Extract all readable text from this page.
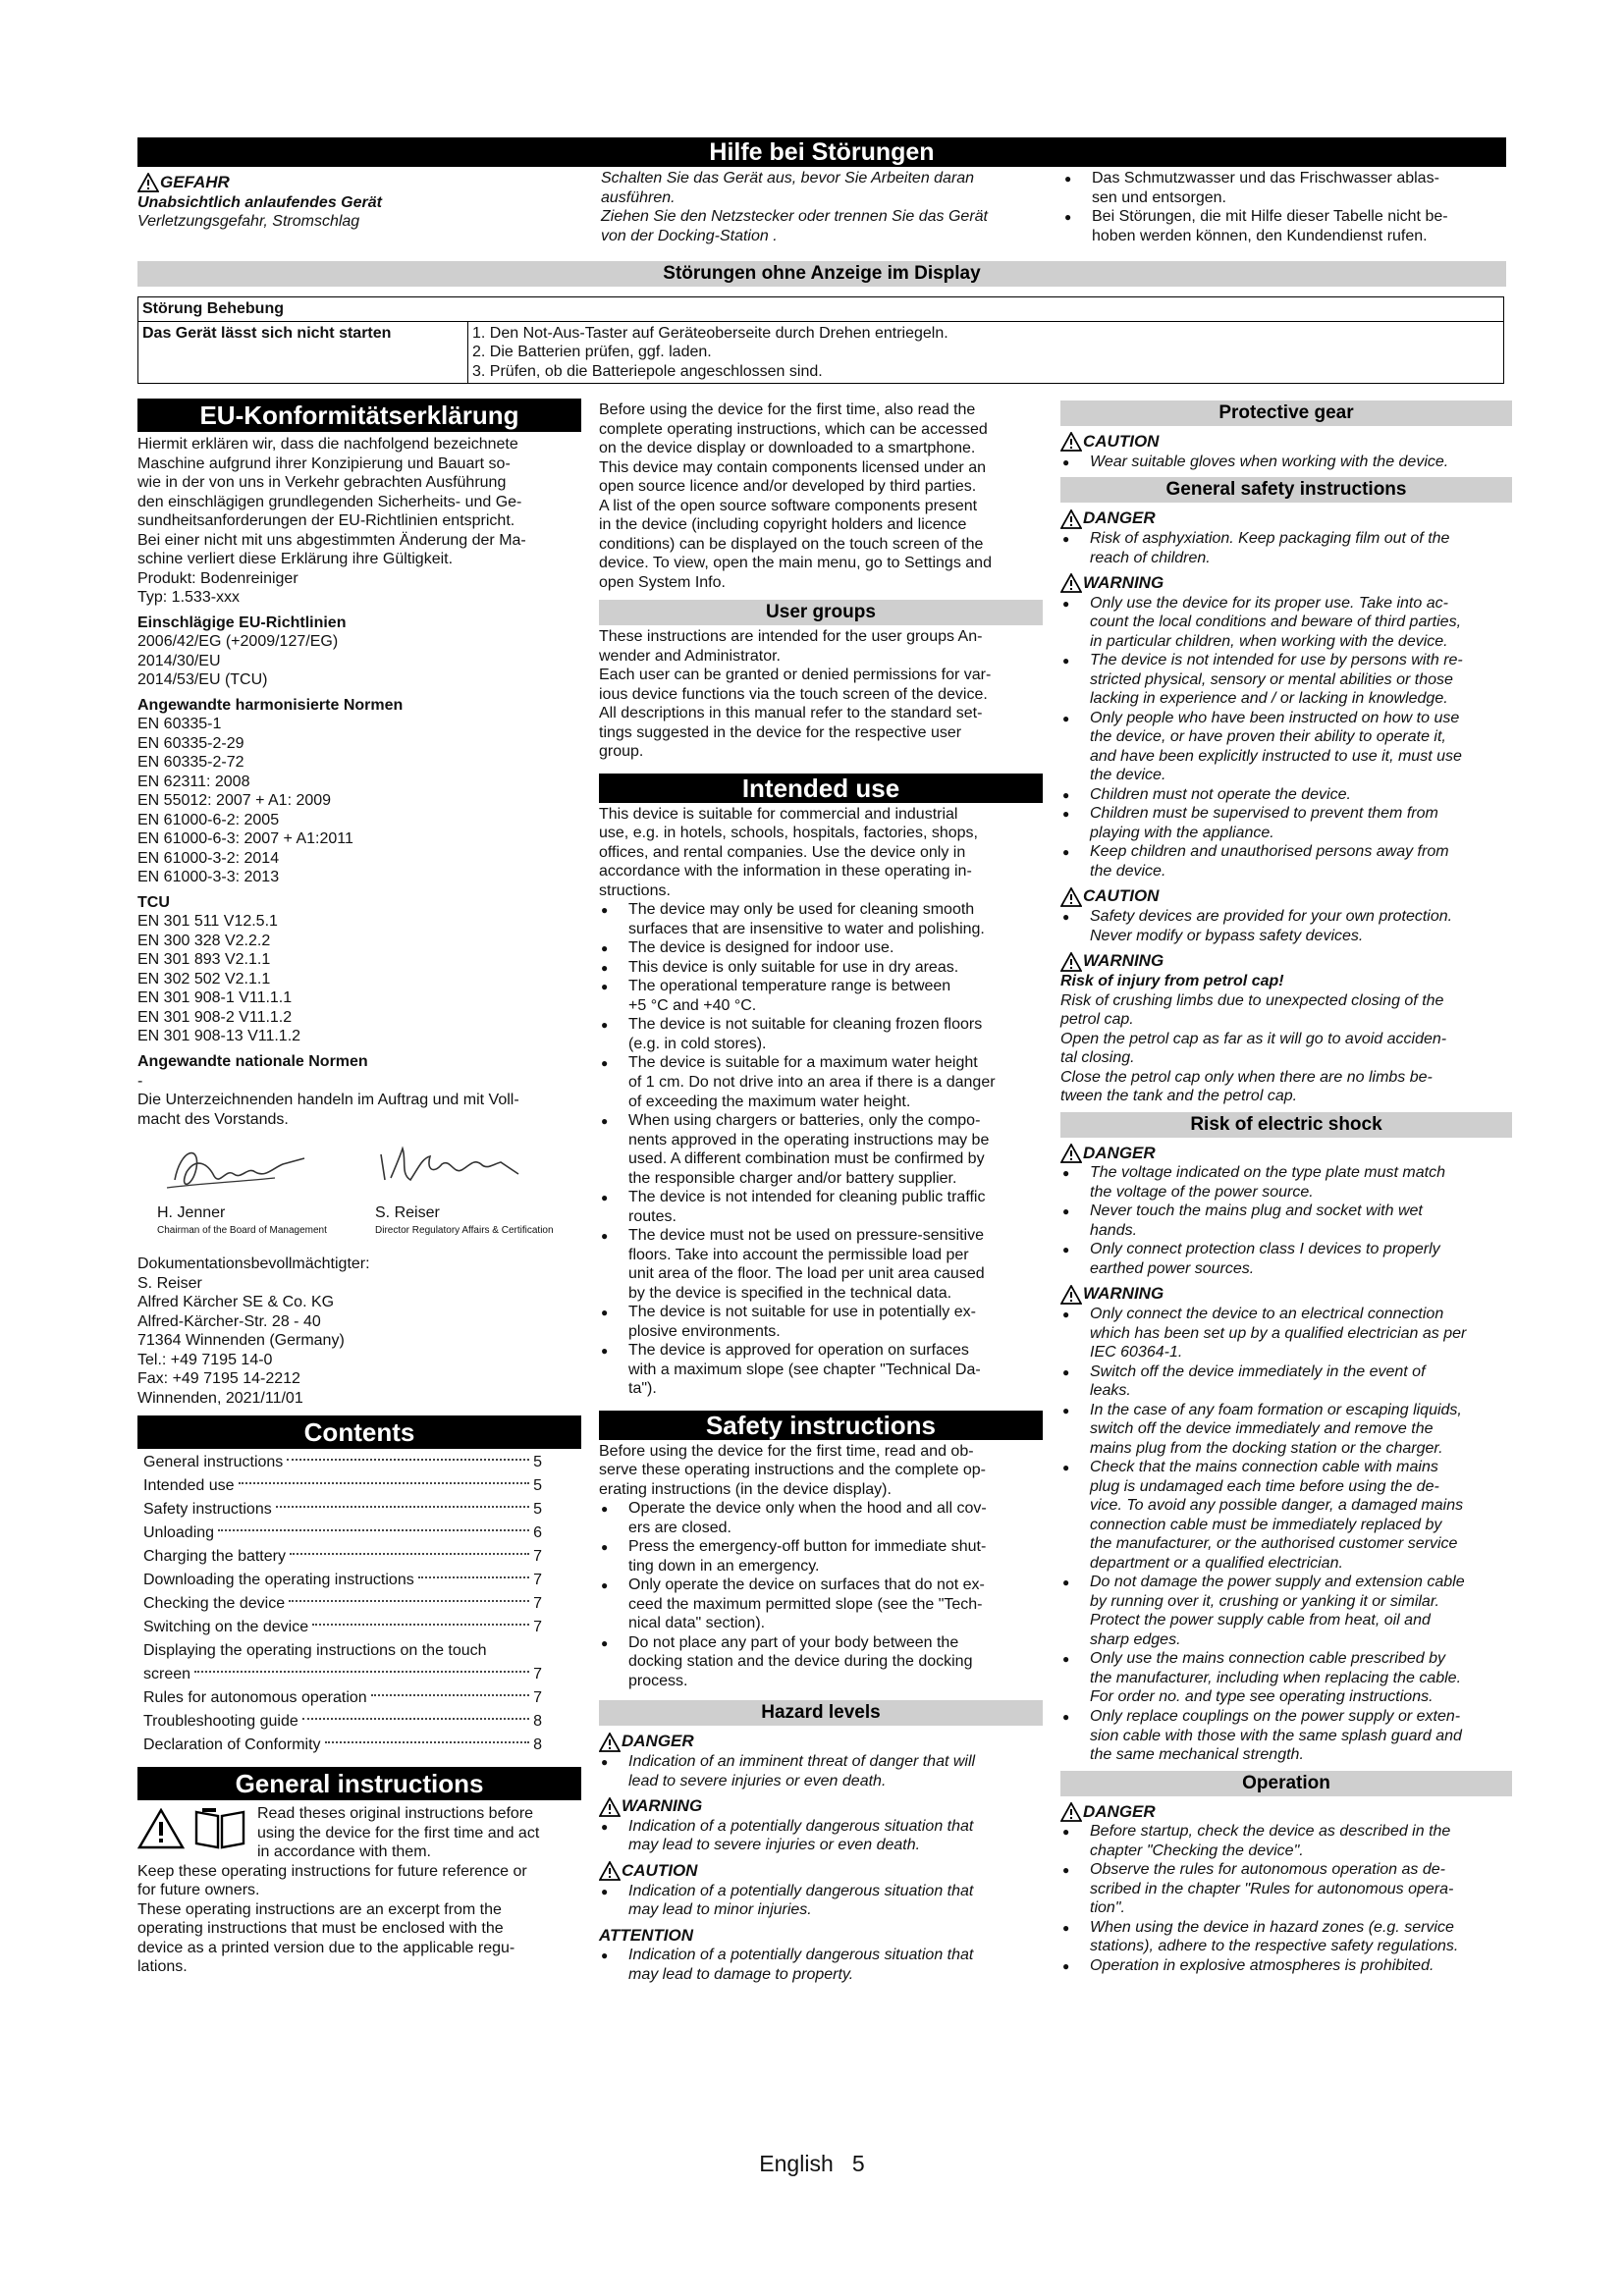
Hilfe bei Störungen
GEFAHR

Unabsichtlich anlaufendes Gerät

Verletzungsgefahr, Stromschlag

Schalten Sie das Gerät aus, bevor Sie Arbeiten daran

ausführen.

Ziehen Sie den Netzstecker oder trennen Sie das Gerät

von der Docking-Station .

● Das Schmutzwasser und das Frischwasser ablas-

sen und entsorgen.

● Bei Störungen, die mit Hilfe dieser Tabelle nicht be-

hoben werden können, den Kundendienst rufen.

Störungen ohne Anzeige im Display
Störung Behebung
Das Gerät lässt sich nicht starten	1. Den Not-Aus-Taster auf Geräteoberseite durch Drehen entriegeln.

2. Die Batterien prüfen, ggf. laden.

3. Prüfen, ob die Batteriepole angeschlossen sind.

EU-Konformitätserklärung

Hiermit erklären wir, dass die nachfolgend bezeichnete

Maschine aufgrund ihrer Konzipierung und Bauart so-

wie in der von uns in Verkehr gebrachten Ausführung

den einschlägigen grundlegenden Sicherheits- und Ge-

sundheitsanforderungen der EU-Richtlinien entspricht.

Bei einer nicht mit uns abgestimmten Änderung der Ma-

schine verliert diese Erklärung ihre Gültigkeit.

Produkt: Bodenreiniger

Typ: 1.533-xxx

Einschlägige EU-Richtlinien

2006/42/EG (+2009/127/EG)

2014/30/EU

2014/53/EU (TCU)

Angewandte harmonisierte Normen

EN 60335-1

EN 60335-2-29

EN 60335-2-72

EN 62311: 2008

EN 55012: 2007 + A1: 2009

EN 61000-6-2: 2005

EN 61000-6-3: 2007 + A1:2011

EN 61000-3-2: 2014

EN 61000-3-3: 2013

TCU

EN 301 511 V12.5.1

EN 300 328 V2.2.2

EN 301 893 V2.1.1

EN 302 502 V2.1.1

EN 301 908-1 V11.1.1

EN 301 908-2 V11.1.2

EN 301 908-13 V11.1.2

Angewandte nationale Normen

-

Die Unterzeichnenden handeln im Auftrag und mit Voll-

macht des Vorstands.

H. Jenner

Chairman of the Board of Management

S. Reiser

Director Regulatory Affairs & Certification

Dokumentationsbevollmächtigter:

S. Reiser

Alfred Kärcher SE & Co. KG

Alfred-Kärcher-Str. 28 - 40

71364 Winnenden (Germany)

Tel.: +49 7195 14-0

Fax: +49 7195 14-2212

Winnenden, 2021/11/01

Contents
General instructions	5
Intended use	5
Safety instructions	5
Unloading	6
Charging the battery	7
Downloading the operating instructions	7
Checking the device	7
Switching on the device	7
Displaying the operating instructions on the touch
screen	7
Rules for autonomous operation	7
Troubleshooting guide	8
Declaration of Conformity	8
General instructions

Read theses original instructions before

using the device for the first time and act

in accordance with them.

Keep these operating instructions for future reference or

for future owners.

These operating instructions are an excerpt from the

operating instructions that must be enclosed with the

device as a printed version due to the applicable regu-

lations.

Before using the device for the first time, also read the

complete operating instructions, which can be accessed

on the device display or downloaded to a smartphone.

This device may contain components licensed under an

open source licence and/or developed by third parties.

A list of the open source software components present

in the device (including copyright holders and licence

conditions) can be displayed on the touch screen of the

device. To view, open the main menu, go to Settings and

open System Info.

User groups

These instructions are intended for the user groups An-

wender and Administrator.

Each user can be granted or denied permissions for var-

ious device functions via the touch screen of the device.

All descriptions in this manual refer to the standard set-

tings suggested in the device for the respective user

group.

Intended use

This device is suitable for commercial and industrial

use, e.g. in hotels, schools, hospitals, factories, shops,

offices, and rental companies. Use the device only in

accordance with the information in these operating in-

structions.

● The device may only be used for cleaning smooth

surfaces that are insensitive to water and polishing.

● The device is designed for indoor use.

● This device is only suitable for use in dry areas.

● The operational temperature range is between

+5 °C and +40 °C.

● The device is not suitable for cleaning frozen floors

(e.g. in cold stores).

● The device is suitable for a maximum water height

of 1 cm. Do not drive into an area if there is a danger

of exceeding the maximum water height.

● When using chargers or batteries, only the compo-

nents approved in the operating instructions may be

used. A different combination must be confirmed by

the responsible charger and/or battery supplier.

● The device is not intended for cleaning public traffic

routes.

● The device must not be used on pressure-sensitive

floors. Take into account the permissible load per

unit area of the floor. The load per unit area caused

by the device is specified in the technical data.

● The device is not suitable for use in potentially ex-

plosive environments.

● The device is approved for operation on surfaces

with a maximum slope (see chapter "Technical Da-

ta").

Safety instructions

Before using the device for the first time, read and ob-

serve these operating instructions and the complete op-

erating instructions (in the device display).

● Operate the device only when the hood and all cov-

ers are closed.

● Press the emergency-off button for immediate shut-

ting down in an emergency.

● Only operate the device on surfaces that do not ex-

ceed the maximum permitted slope (see the "Tech-

nical data" section).

● Do not place any part of your body between the

docking station and the device during the docking

process.

Hazard levels
DANGER

● Indication of an imminent threat of danger that will

lead to severe injuries or even death.

WARNING

● Indication of a potentially dangerous situation that

may lead to severe injuries or even death.

CAUTION

● Indication of a potentially dangerous situation that

may lead to minor injuries.

ATTENTION

● Indication of a potentially dangerous situation that

may lead to damage to property.

Protective gear
CAUTION

● Wear suitable gloves when working with the device.

General safety instructions
DANGER

● Risk of asphyxiation. Keep packaging film out of the

reach of children.

WARNING

● Only use the device for its proper use. Take into ac-

count the local conditions and beware of third parties,

in particular children, when working with the device.

● The device is not intended for use by persons with re-

stricted physical, sensory or mental abilities or those

lacking in experience and / or lacking in knowledge.

● Only people who have been instructed on how to use

the device, or have proven their ability to operate it,

and have been explicitly instructed to use it, must use

the device.

● Children must not operate the device.

● Children must be supervised to prevent them from

playing with the appliance.

● Keep children and unauthorised persons away from

the device.

CAUTION

● Safety devices are provided for your own protection.

Never modify or bypass safety devices.

WARNING

Risk of injury from petrol cap!

Risk of crushing limbs due to unexpected closing of the

petrol cap.

Open the petrol cap as far as it will go to avoid acciden-

tal closing.

Close the petrol cap only when there are no limbs be-

tween the tank and the petrol cap.

Risk of electric shock
DANGER

● The voltage indicated on the type plate must match

the voltage of the power source.

● Never touch the mains plug and socket with wet

hands.

● Only connect protection class I devices to properly

earthed power sources.

WARNING

● Only connect the device to an electrical connection

which has been set up by a qualified electrician as per

IEC 60364-1.

● Switch off the device immediately in the event of

leaks.

● In the case of any foam formation or escaping liquids,

switch off the device immediately and remove the

mains plug from the docking station or the charger.

● Check that the mains connection cable with mains

plug is undamaged each time before using the de-

vice. To avoid any possible danger, a damaged mains

connection cable must be immediately replaced by

the manufacturer, or the authorised customer service

department or a qualified electrician.

● Do not damage the power supply and extension cable

by running over it, crushing or yanking it or similar.

Protect the power supply cable from heat, oil and

sharp edges.

● Only use the mains connection cable prescribed by

the manufacturer, including when replacing the cable.

For order no. and type see operating instructions.

● Only replace couplings on the power supply or exten-

sion cable with those with the same splash guard and

the same mechanical strength.

Operation
DANGER

● Before startup, check the device as described in the

chapter "Checking the device".

● Observe the rules for autonomous operation as de-

scribed in the chapter "Rules for autonomous opera-

tion".

● When using the device in hazard zones (e.g. service

stations), adhere to the respective safety regulations.

● Operation in explosive atmospheres is prohibited.

English 5
